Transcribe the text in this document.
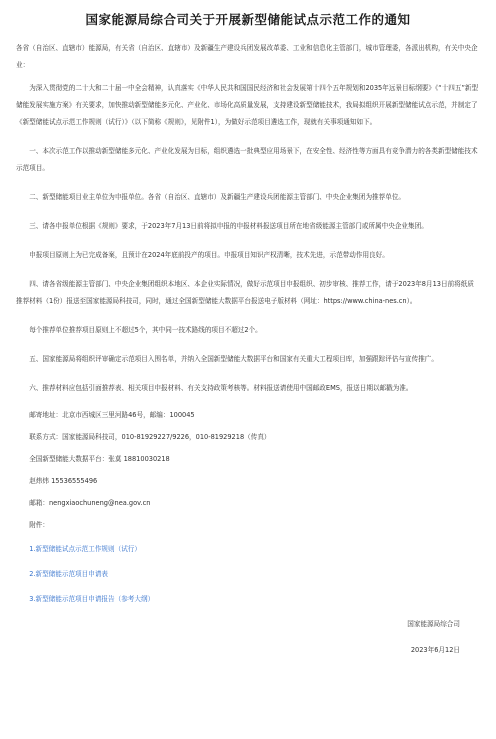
国家能源局综合司关于开展新型储能试点示范工作的通知

各省（自治区、直辖市）能源局，有关省（自治区、直辖市）及新疆生产建设兵团发展改革委、工业和信息化主管部门，城市管理委，各派出机构，有关中央企业：

为深入贯彻党的二十大和二十届一中全会精神，认真落实《中华人民共和国国民经济和社会发展第十四个五年规划和2035年远景目标纲要》《“十四五”新型储能发展实施方案》有关要求，加快推动新型储能多元化、产业化、市场化高质量发展，支持建设新型储能技术，我局拟组织开展新型储能试点示范，并制定了《新型储能试点示范工作规则（试行）》（以下简称《规则》，见附件1），为做好示范项目遴选工作，现就有关事项通知如下。

一、本次示范工作以推动新型储能多元化、产业化发展为目标，组织遴选一批典型应用场景下，在安全性、经济性等方面具有竞争潜力的各类新型储能技术示范项目。

二、新型储能项目业主单位为申报单位。各省（自治区、直辖市）及新疆生产建设兵团能源主管部门、中央企业集团为推荐单位。

三、请各申报单位根据《规则》要求，于2023年7月13日前将拟申报的申报材料报送项目所在地省级能源主管部门或所属中央企业集团。

申报项目原则上为已完成备案，且预计在2024年底前投产的项目。申报项目知识产权清晰，技术先进，示范带动作用良好。

四、请各省级能源主管部门、中央企业集团组织本地区、本企业实际情况，做好示范项目申报组织、初步审核、推荐工作，请于2023年8月13日前将纸质推荐材料（1份）报送至国家能源局科技司，同时，通过全国新型储能大数据平台报送电子版材料（网址：https://www.china-nes.cn）。

每个推荐单位推荐项目原则上不超过5个，其中同一技术路线的项目不超过2个。

五、国家能源局将组织评审确定示范项目入围名单，并纳入全国新型储能大数据平台和国家有关重大工程项目库，加强跟踪评估与宣传推广。

六、推荐材料应包括引面推荐表、相关项目申报材料、有关支持政策考核等。材料报送请使用中国邮政EMS，报送日期以邮戳为准。

邮寄地址：北京市西城区三里河路46号，邮编：100045
联系方式：国家能源局科技司，010-81929227/9226，010-81929218（传真）
全国新型储能大数据平台：张莫 18810030218
赵炜炜 15536555496
邮箱：nengxiaochuneng@nea.gov.cn
附件：
1.新型储能试点示范工作规则（试行）
2.新型储能示范项目申请表
3.新型储能示范项目申请报告（参考大纲）
国家能源局综合司
2023年6月12日
